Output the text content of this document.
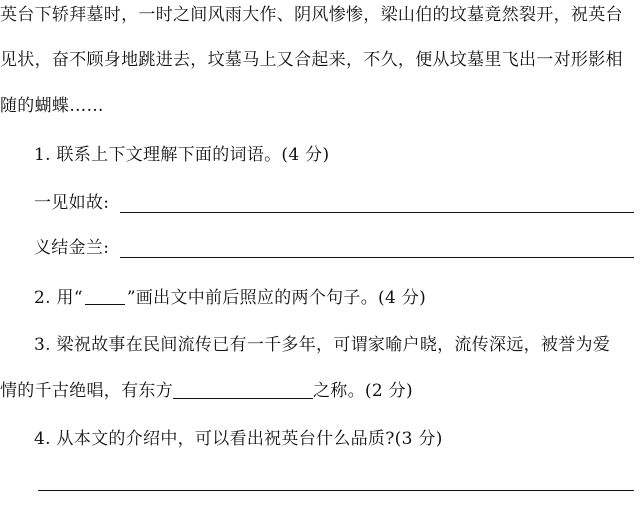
英台下轿拜墓时，一时之间风雨大作、阴风惨惨，梁山伯的坟墓竟然裂开，祝英台
见状，奋不顾身地跳进去，坟墓马上又合起来，不久，便从坟墓里飞出一对形影相
随的蝴蝶……
1. 联系上下文理解下面的词语。(4 分)
一见如故:
义结金兰:
2. 用“	”画出文中前后照应的两个句子。(4 分)
3. 梁祝故事在民间流传已有一千多年，可谓家喻户晓，流传深远，被誉为爱
情的千古绝唱，有东方	之称。(2 分)
4. 从本文的介绍中，可以看出祝英台什么品质?(3 分)
